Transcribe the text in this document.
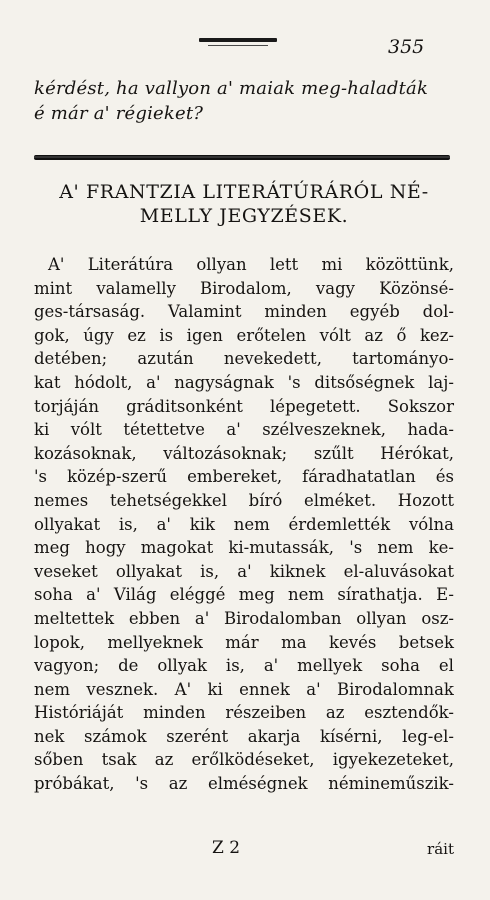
355
kérdést, ha vallyon a' maiak meg-haladták
é már a' régieket?
A' FRANTZIA LITERÁTÚRÁRÓL NÉ-
MELLY JEGYZÉSEK.
A' Literátúra ollyan lett mi közöttünk,
mint valamelly Birodalom, vagy Közönsé-
ges-társaság. Valamint minden egyéb dol-
gok, úgy ez is igen erőtelen vólt az ő kez-
detében; azután nevekedett, tartományo-
kat hódolt, a' nagyságnak 's ditsőségnek laj-
torjáján gráditsonként lépegetett. Sokszor
ki vólt tétettetve a' szélveszeknek, hada-
kozásoknak, változásoknak; szűlt Hérókat,
's közép-szerű embereket, fáradhatatlan és
nemes tehetségekkel bíró elméket. Hozott
ollyakat is, a' kik nem érdemlették vólna
meg hogy magokat ki-mutassák, 's nem ke-
veseket ollyakat is, a' kiknek el-aluvásokat
soha a' Világ eléggé meg nem sírathatja. E-
meltettek ebben a' Birodalomban ollyan osz-
lopok, mellyeknek már ma kevés betsek
vagyon; de ollyak is, a' mellyek soha el
nem vesznek. A' ki ennek a' Birodalomnak
Históriáját minden részeiben az esztendők-
nek számok szerént akarja kísérni, leg-el-
sőben tsak az erőlködéseket, igyekezeteket,
próbákat, 's az elméségnek némineműszik-
Z 2	ráit
